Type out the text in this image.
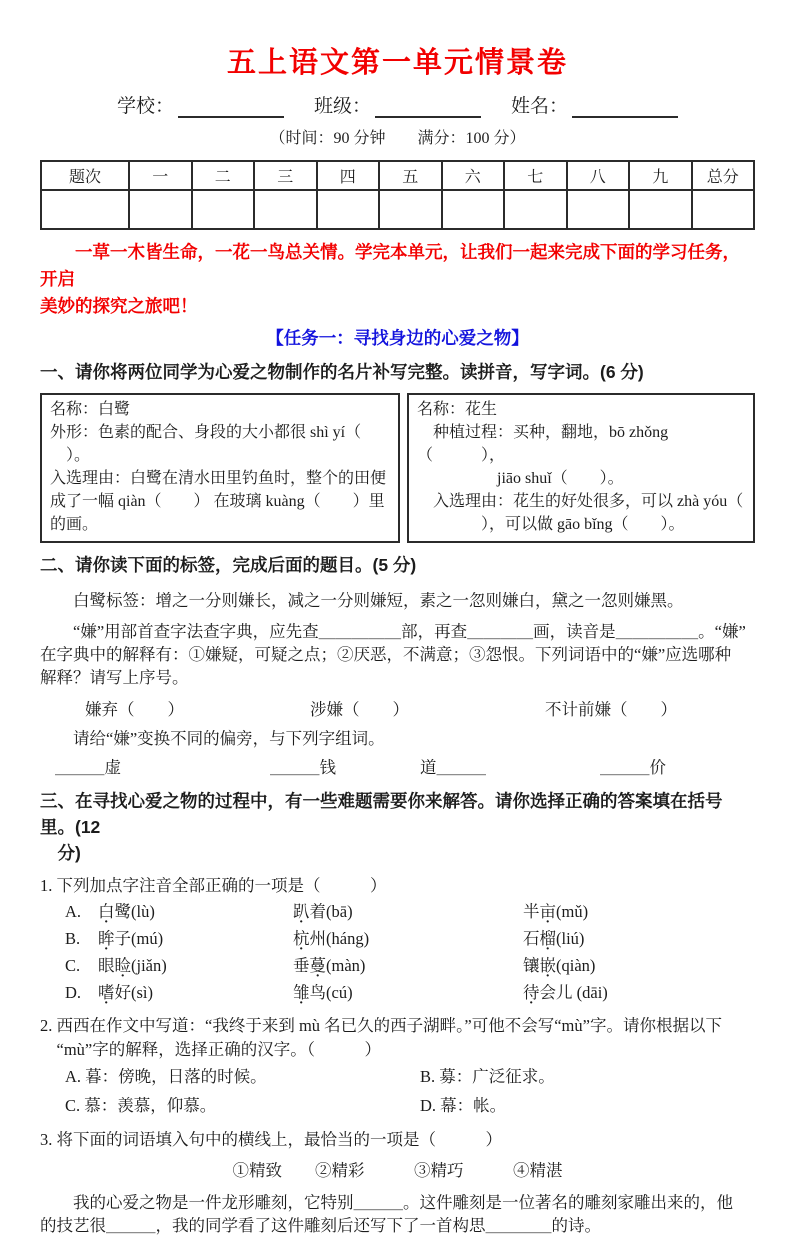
五上语文第一单元情景卷
学校：	班级：	姓名：
（时间：90 分钟　　满分：100 分）
题次	一	二	三	四	五	六	七	八	九	总分

　　一草一木皆生命，一花一鸟总关情。学完本单元，让我们一起来完成下面的学习任务，开启
美妙的探究之旅吧！
【任务一：寻找身边的心爱之物】
一、请你将两位同学为心爱之物制作的名片补写完整。读拼音，写字词。(6 分)
名称：白鹭
外形：色素的配合、身段的大小都很 shì yí（
　）。
入选理由：白鹭在清水田里钓鱼时，整个的田便
成了一幅 qiàn（　　） 在玻璃 kuàng（　　）里的画。
名称：花生
　种植过程：买种，翻地，bō zhǒng（　　　），
　　　　　jiāo shuǐ（　　）。
　入选理由：花生的好处很多，可以 zhà yóu（
　　　　），可以做 gāo bǐng（　　）。
二、请你读下面的标签，完成后面的题目。(5 分)
　　白鹭标签：增之一分则嫌长，减之一分则嫌短，素之一忽则嫌白，黛之一忽则嫌黑。
　　“嫌”用部首查字法查字典，应先查＿＿＿＿＿部，再查＿＿＿＿画，读音是＿＿＿＿＿。“嫌”
在字典中的解释有：①嫌疑，可疑之点；②厌恶，不满意；③怨恨。下列词语中的“嫌”应选哪种
解释？请写上序号。
嫌弃（　　）	涉嫌（　　）	不计前嫌（　　）
　　请给“嫌”变换不同的偏旁，与下列字组词。
＿＿＿虚	＿＿＿钱	道＿＿＿	＿＿＿价
三、在寻找心爱之物的过程中，有一些难题需要你来解答。请你选择正确的答案填在括号里。(12
　分)
1. 下列加点字注音全部正确的一项是（　　　）
A.	白鹭(lù)	趴着(bā)	半亩(mǔ)
B.	眸子(mú)	杭州(háng)	石榴(liú)
C.	眼睑(jiǎn)	垂蔓(màn)	镶嵌(qiàn)
D.	嗜好(sì)	雏鸟(cú)	待会儿 (dāi)
2. 西西在作文中写道：“我终于来到 mù 名已久的西子湖畔。”可他不会写“mù”字。请你根据以下
　“mù”字的解释，选择正确的汉字。（　　　）
A. 暮：傍晚，日落的时候。	B. 募：广泛征求。
C. 慕：羡慕，仰慕。	D. 幕：帐。
3. 将下面的词语填入句中的横线上，最恰当的一项是（　　　）
①精致　　②精彩　　　③精巧　　　④精湛
　　我的心爱之物是一件龙形雕刻，它特别＿＿＿。这件雕刻是一位著名的雕刻家雕出来的，他
的技艺很＿＿＿，我的同学看了这件雕刻后还写下了一首构思＿＿＿＿的诗。
